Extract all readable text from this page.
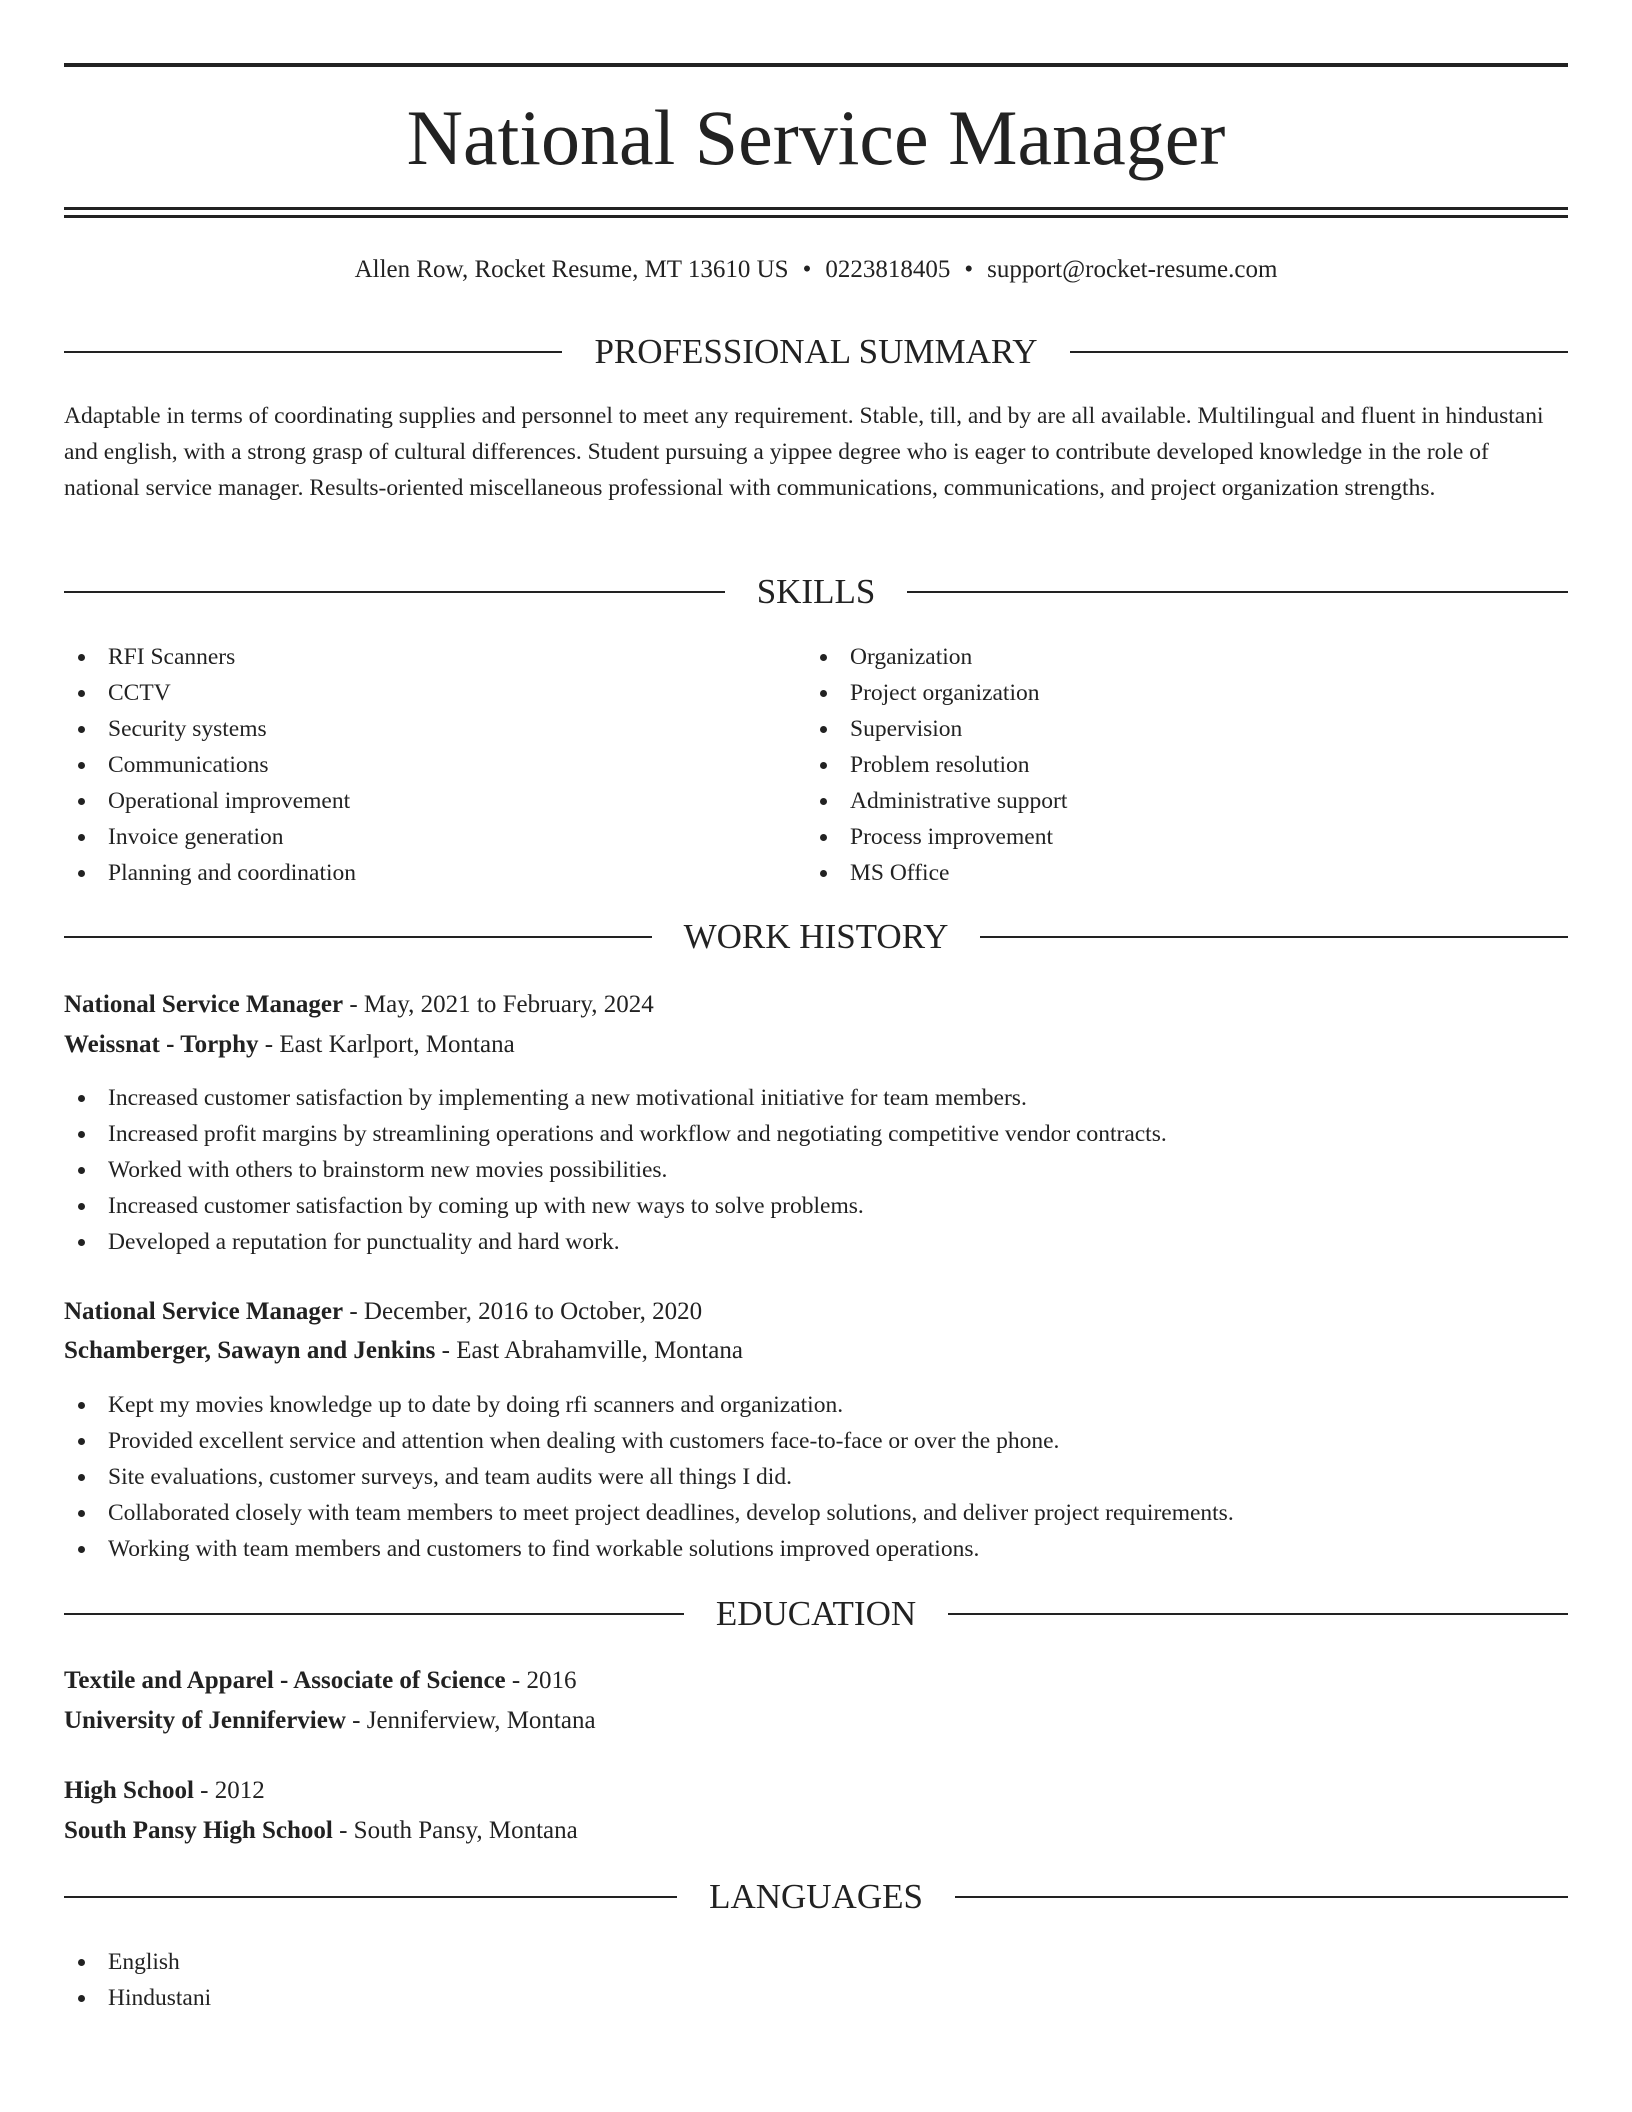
National Service Manager
Allen Row, Rocket Resume, MT 13610 US • 0223818405 • support@rocket-resume.com
PROFESSIONAL SUMMARY

Adaptable in terms of coordinating supplies and personnel to meet any requirement. Stable, till, and by are all available. Multilingual and fluent in hindustani and english, with a strong grasp of cultural differences. Student pursuing a yippee degree who is eager to contribute developed knowledge in the role of national service manager. Results-oriented miscellaneous professional with communications, communications, and project organization strengths.

SKILLS
RFI Scanners
CCTV
Security systems
Communications
Operational improvement
Invoice generation
Planning and coordination
Organization
Project organization
Supervision
Problem resolution
Administrative support
Process improvement
MS Office
WORK HISTORY
National Service Manager - May, 2021 to February, 2024
Weissnat - Torphy - East Karlport, Montana
Increased customer satisfaction by implementing a new motivational initiative for team members.
Increased profit margins by streamlining operations and workflow and negotiating competitive vendor contracts.
Worked with others to brainstorm new movies possibilities.
Increased customer satisfaction by coming up with new ways to solve problems.
Developed a reputation for punctuality and hard work.
National Service Manager - December, 2016 to October, 2020
Schamberger, Sawayn and Jenkins - East Abrahamville, Montana
Kept my movies knowledge up to date by doing rfi scanners and organization.
Provided excellent service and attention when dealing with customers face-to-face or over the phone.
Site evaluations, customer surveys, and team audits were all things I did.
Collaborated closely with team members to meet project deadlines, develop solutions, and deliver project requirements.
Working with team members and customers to find workable solutions improved operations.
EDUCATION
Textile and Apparel - Associate of Science - 2016
University of Jenniferview - Jenniferview, Montana
High School - 2012
South Pansy High School - South Pansy, Montana
LANGUAGES
English
Hindustani
